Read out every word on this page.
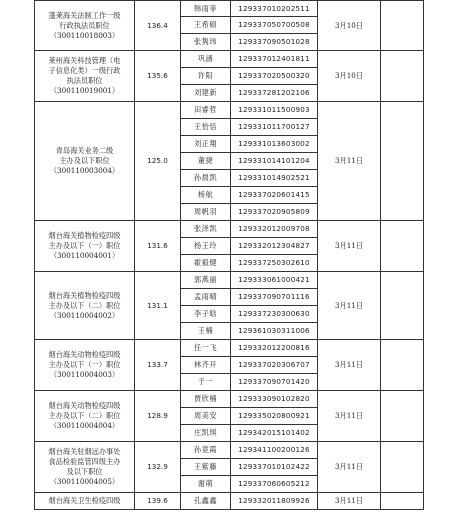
蓬莱海关法制工作一级
行政执法员职位
（300110018003）	136.4	韩雨菲	129337010202511	3月10日	
		王希硕	129337050700508		
		张隽玮	129337090501028		

莱州海关科技管理（电
子信息化类）一级行政
执法员职位
（300110019001）	135.6	巩涵	129337012401811	3月10日	
		许阳	129337020500320		
		刘建新	129337281202106		

青岛海关业务二级
主办及以下职位
（300110003004）	125.0	田睿哲	129331011500903	3月11日	
		王怡恬	129331011700127		
		刘正翔	129331013603002		
		董捷	129331014101204		
		孙晨凯	129331014902521		
		杨航	129337020601415		
		周帆羽	129337020905809		

烟台海关植物检疫四级
主办及以下（一）职位
（300110004001）	131.6	张泽凯	129332012009708	3月11日	
		杨王玲	129332012304827		
		霍毅健	129337250302610		

烟台海关植物检疫四级
主办及以下（二）职位
（300110004002）	131.1	郭燕丽	129333061000421	3月11日	
		孟雨晴	129337090701116		
		李子晗	129337230300630		
		王楠	129361030311006		

烟台海关动物检疫四级
主办及以下（一）职位
（300110004003）	133.7	任一飞	129332012200816	3月11日	
		林齐开	129337020306707		
		于一	129337090701420		

烟台海关动物检疫四级
主办及以下（二）职位
（300110004004）	128.9	贾欣楠	129333090102820	3月11日	
		周美安	129335020800921		
		庄凯琪	129342015101402		

烟台海关驻烟远办事处
食品检验监管四级主办
及以下职位
（300110004005）	132.9	孙竟霞	129341100200126	3月11日	
		王紫藤	129337010102422		
		谢萌	129337060605212		

烟台海关卫生检疫四级	139.6	孔鑫鑫	129332011809926	3月11日	
